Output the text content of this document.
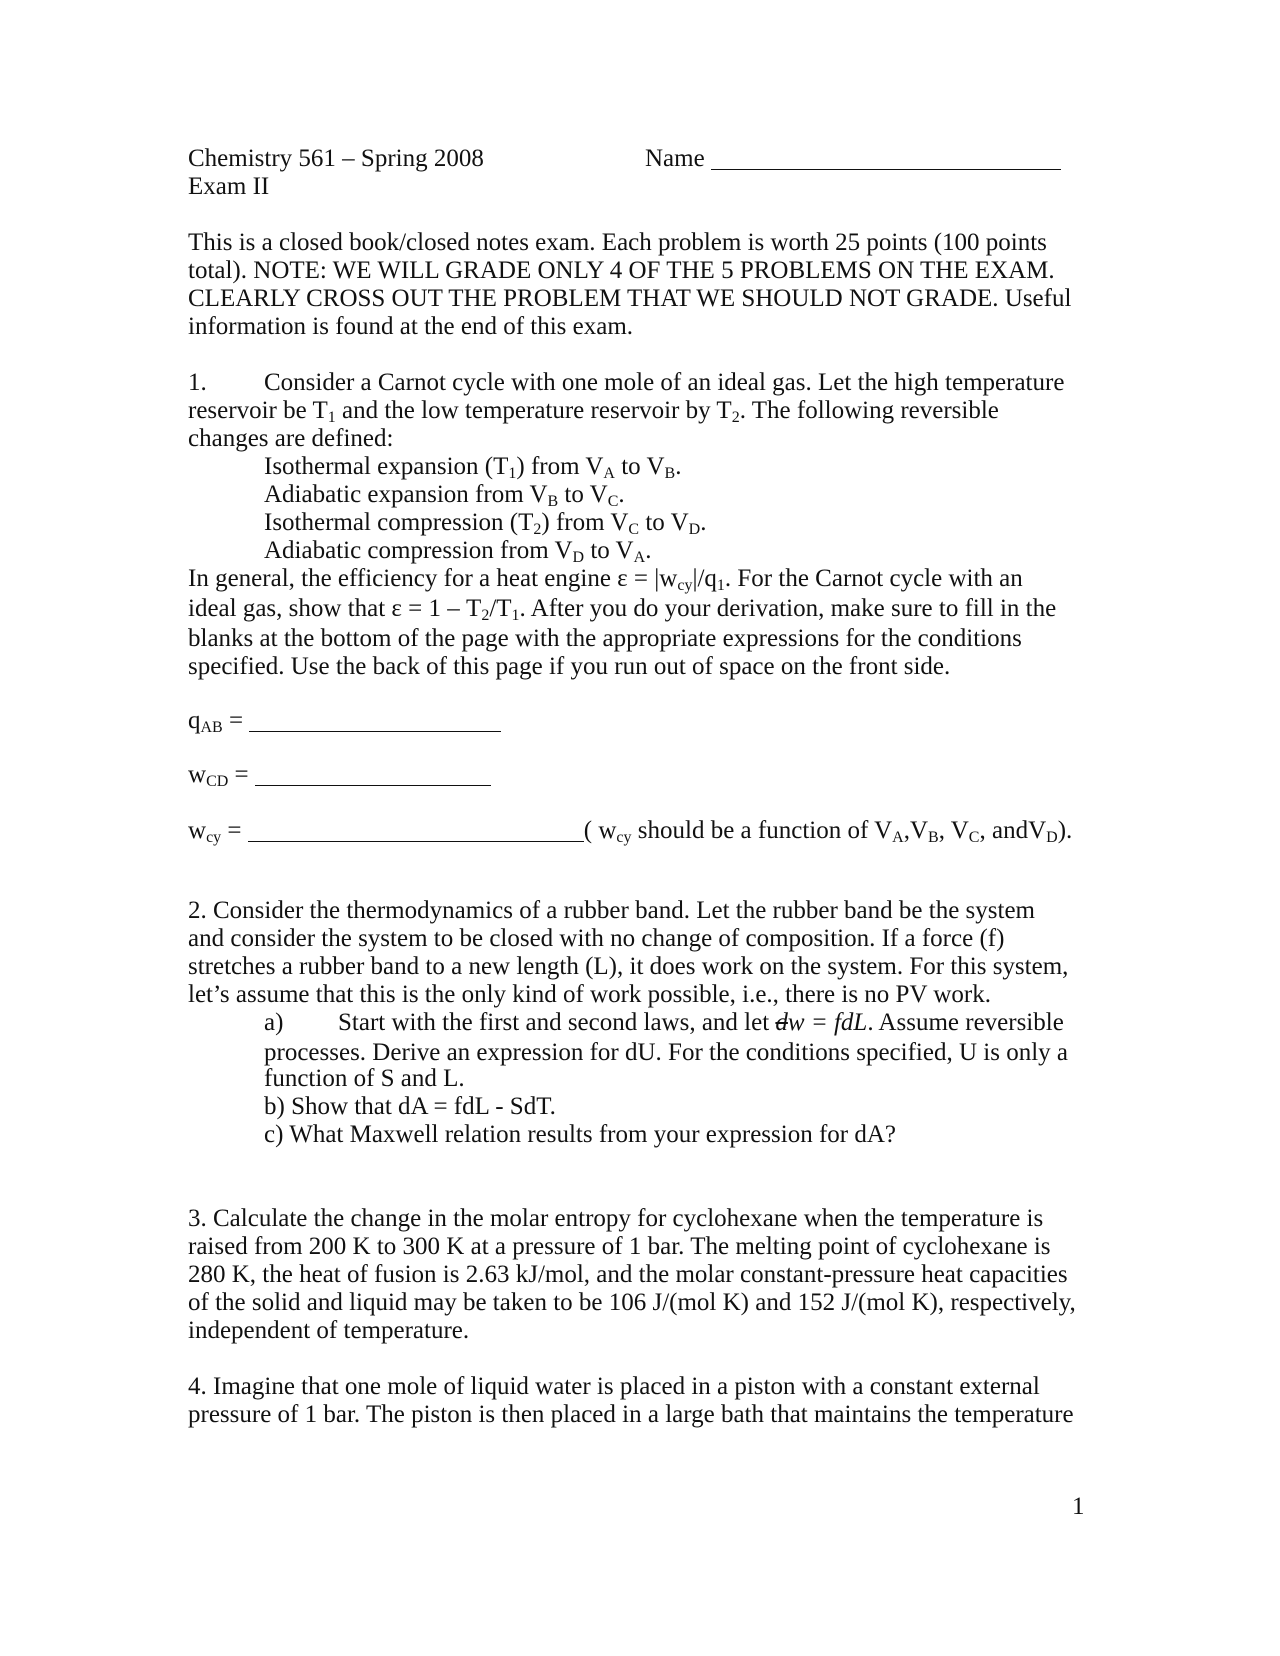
Chemistry 561 – Spring 2008
Exam II
Name
This is a closed book/closed notes exam. Each problem is worth 25 points (100 points
total). NOTE: WE WILL GRADE ONLY 4 OF THE 5 PROBLEMS ON THE EXAM.
CLEARLY CROSS OUT THE PROBLEM THAT WE SHOULD NOT GRADE. Useful
information is found at the end of this exam.
1. Consider a Carnot cycle with one mole of an ideal gas. Let the high temperature
reservoir be $T_1$ and the low temperature reservoir by $T_2$. The following reversible
changes are defined:
Isothermal expansion $(T_1)$ from $V_A$ to $V_B$.
Adiabatic expansion from $V_B$ to $V_C$.
Isothermal compression $(T_2)$ from $V_C$ to $V_D$.
Adiabatic compression from $V_D$ to $V_A$.
In general, the efficiency for a heat engine $\varepsilon = |w_{cy}|/q_1$. For the Carnot cycle with an
ideal gas, show that $\varepsilon = 1 - T_2/T_1$. After you do your derivation, make sure to fill in the
blanks at the bottom of the page with the appropriate expressions for the conditions
specified. Use the back of this page if you run out of space on the front side.
$q_{AB}$ =
$w_{CD}$ =
$w_{cy}$ =	( $w_{cy}$ should be a function of $V_A,V_B$, $V_C$, andV$_D$).
2. Consider the thermodynamics of a rubber band. Let the rubber band be the system
and consider the system to be closed with no change of composition. If a force (f)
stretches a rubber band to a new length (L), it does work on the system. For this system,
let’s assume that this is the only kind of work possible, i.e., there is no PV work.
a) Start with the first and second laws, and let dw = fdL. Assume reversible
processes. Derive an expression for dU. For the conditions specified, U is only a
function of S and L.
b) Show that dA = fdL - SdT.
c) What Maxwell relation results from your expression for dA?
3. Calculate the change in the molar entropy for cyclohexane when the temperature is
raised from 200 K to 300 K at a pressure of 1 bar. The melting point of cyclohexane is
280 K, the heat of fusion is 2.63 kJ/mol, and the molar constant-pressure heat capacities
of the solid and liquid may be taken to be 106 J/(mol K) and 152 J/(mol K), respectively,
independent of temperature.
4. Imagine that one mole of liquid water is placed in a piston with a constant external
pressure of 1 bar. The piston is then placed in a large bath that maintains the temperature
1
